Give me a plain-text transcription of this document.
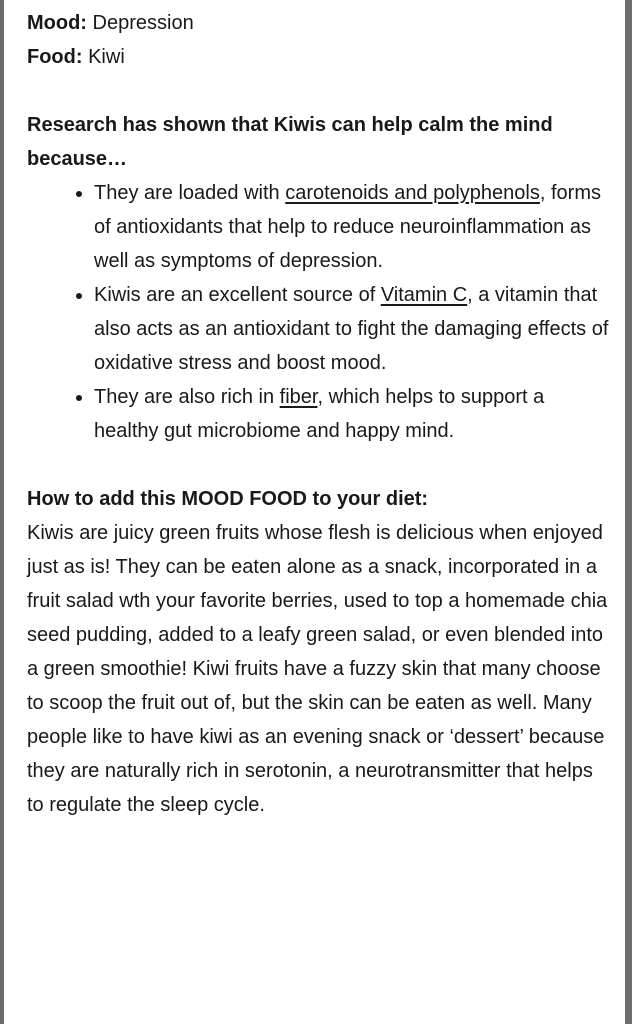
Mood: Depression

Food: Kiwi

Research has shown that Kiwis can help calm the mind because…

• They are loaded with carotenoids and polyphenols, forms of antioxidants that help to reduce neuroinflammation as well as symptoms of depression.
• Kiwis are an excellent source of Vitamin C, a vitamin that also acts as an antioxidant to fight the damaging effects of oxidative stress and boost mood.
• They are also rich in fiber, which helps to support a healthy gut microbiome and happy mind.

How to add this MOOD FOOD to your diet:

Kiwis are juicy green fruits whose flesh is delicious when enjoyed just as is! They can be eaten alone as a snack, incorporated in a fruit salad wth your favorite berries, used to top a homemade chia seed pudding, added to a leafy green salad, or even blended into a green smoothie! Kiwi fruits have a fuzzy skin that many choose to scoop the fruit out of, but the skin can be eaten as well. Many people like to have kiwi as an evening snack or ‘dessert’ because they are naturally rich in serotonin, a neurotransmitter that helps to regulate the sleep cycle.
